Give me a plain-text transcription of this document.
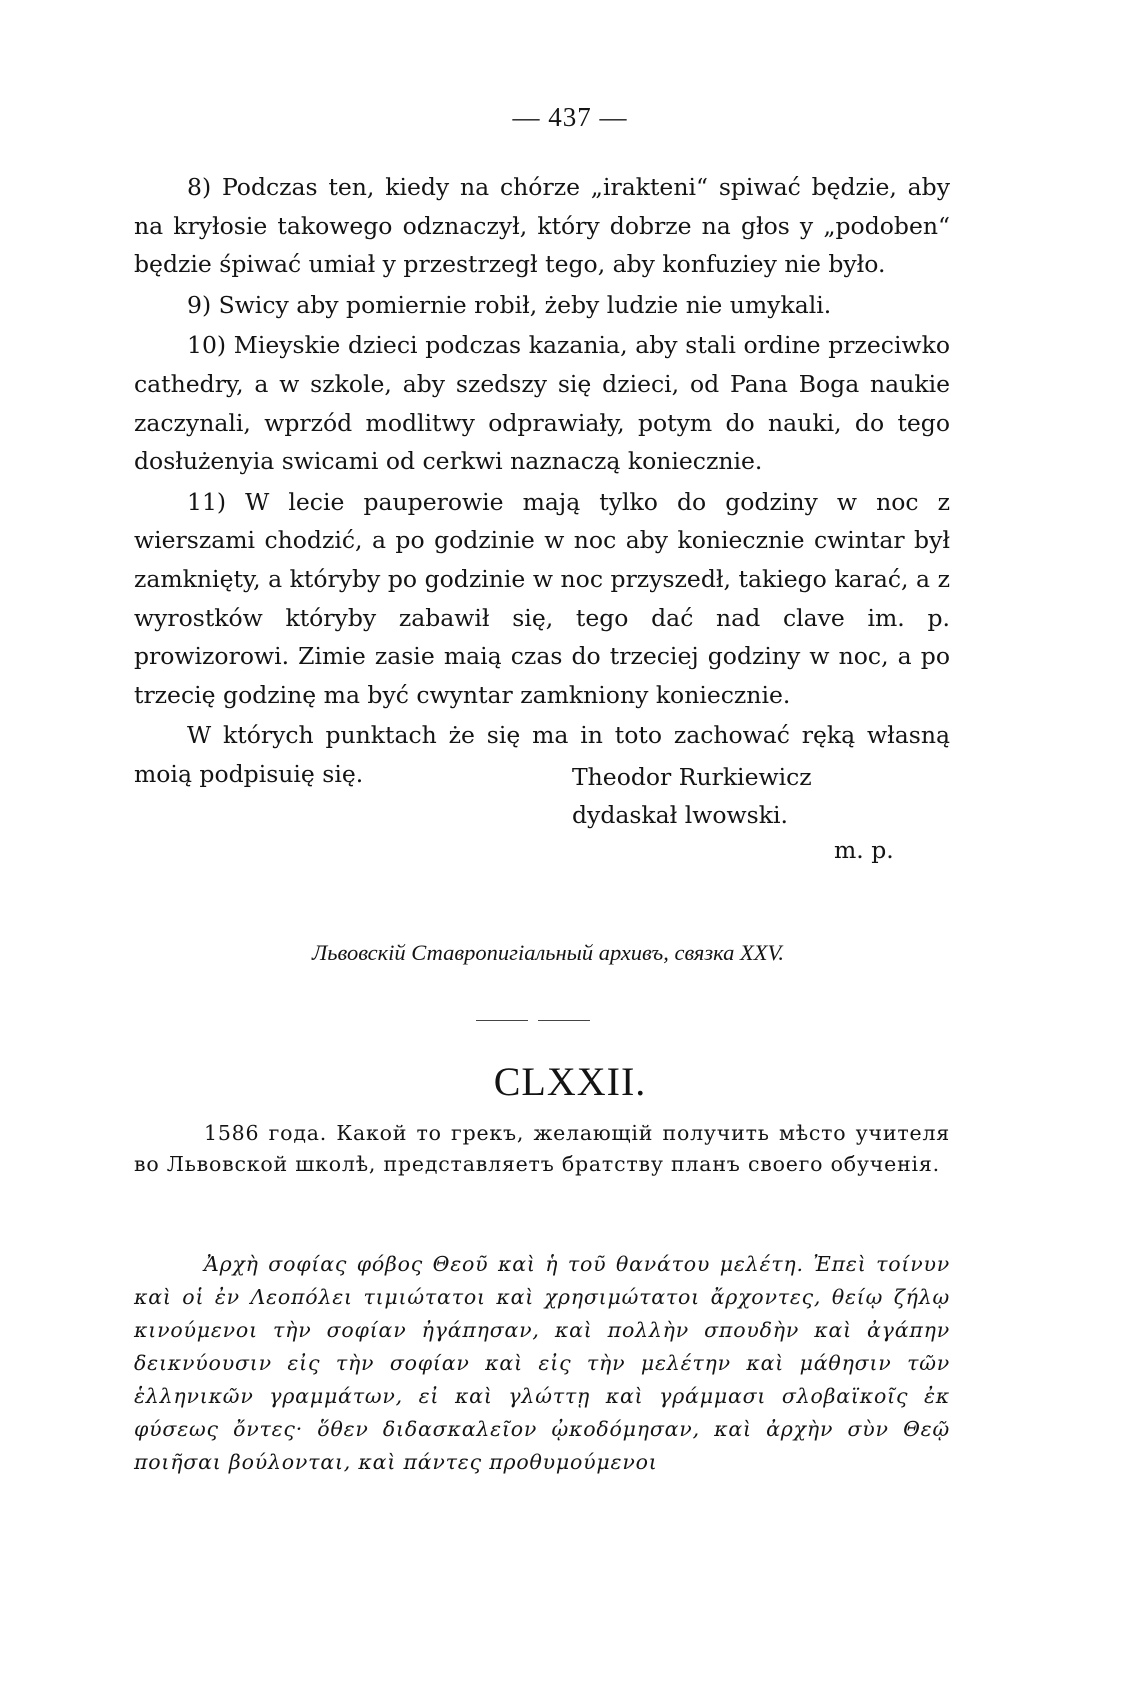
— 437 —

8) Podczas ten, kiedy na chórze „irakteni“ spiwać będzie, aby na kryłosie takowego odznaczył, który dobrze na głos y „podoben“ będzie śpiwać umiał y przestrzegł tego, aby konfuziey nie było.

9) Swicy aby pomiernie robił, żeby ludzie nie umykali.

10) Mieyskie dzieci podczas kazania, aby stali ordine przeciwko cathedry, a w szkole, aby szedszy się dzieci, od Pana Boga naukie zaczynali, wprzód modlitwy odprawiały, potym do nauki, do tego dosłużenyia swicami od cerkwi naznaczą koniecznie.

11) W lecie pauperowie mają tylko do godziny w noc z wierszami chodzić, a po godzinie w noc aby koniecznie cwintar był zamknięty, a któryby po godzinie w noc przyszedł, takiego karać, a z wyrostków któryby zabawił się, tego dać nad clave im. p. prowizorowi. Zimie zasie maią czas do trzeciej godziny w noc, a po trzecię godzinę ma być cwyntar zamkniony koniecznie.

W których punktach że się ma in toto zachować ręką własną moią podpisuię się.	Theodor Rurkiewicz
dydaskał lwowski.
m. p.
Львовскій Ставропигіальный архивъ, связка XXV.
CLXXII.
1586 года. Какой то грекъ, желающій получить мѣсто учителя во Львовской школѣ, представляетъ братству планъ своего обученія.
Ἀρχὴ σοφίας φόβος Θεοῦ καὶ ἡ τοῦ θανάτου μελέτη. Ἐπεὶ τοίνυν καὶ οἱ ἐν Λεοπόλει τιμιώτατοι καὶ χρησιμώτατοι ἄρχοντες, θείῳ ζήλῳ κινούμενοι τὴν σοφίαν ἠγάπησαν, καὶ πολλὴν σπουδὴν καὶ ἀγάπην δεικνύουσιν εἰς τὴν σοφίαν καὶ εἰς τὴν μελέτην καὶ μάθησιν τῶν ἑλληνικῶν γραμμάτων, εἰ καὶ γλώττῃ καὶ γράμμασι σλοβαϊκοῖς ἐκ φύσεως ὄντες· ὅθεν διδασκαλεῖον ᾠκοδόμησαν, καὶ ἀρχὴν σὺν Θεῷ ποιῆσαι βούλονται, καὶ πάντες προθυμούμενοι
